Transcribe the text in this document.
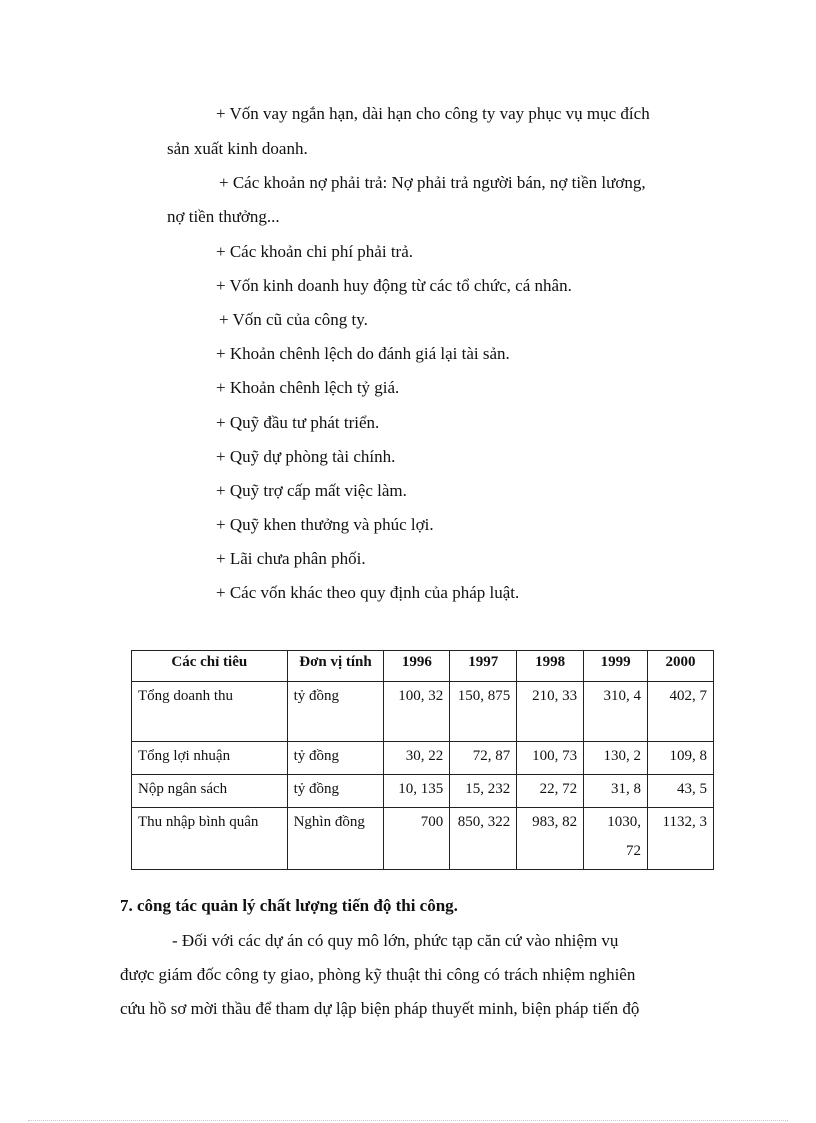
+ Vốn vay ngắn hạn, dài hạn cho công ty vay phục vụ mục đích
sản xuất kinh doanh.
+ Các khoản nợ phải trả: Nợ phải trả người bán, nợ tiền lương,
nợ tiền thưởng...
+ Các khoản chi phí phải trả.
+ Vốn kinh doanh huy động từ các tổ chức, cá nhân.
+ Vốn cũ của công ty.
+ Khoản chênh lệch do đánh giá lại tài sản.
+ Khoản chênh lệch tỷ giá.
+ Quỹ đầu tư phát triển.
+ Quỹ dự phòng tài chính.
+ Quỹ trợ cấp mất việc làm.
+ Quỹ khen thưởng và phúc lợi.
+ Lãi chưa phân phối.
+ Các vốn khác theo quy định của pháp luật.
Các chỉ tiêu	Đơn vị tính	1996	1997	1998	1999	2000
Tổng doanh thu	tỷ đồng	100, 32	150, 875	210, 33	310, 4	402, 7
Tổng lợi nhuận	tỷ đồng	30, 22	72, 87	100, 73	130, 2	109, 8
Nộp ngân sách	tỷ đồng	10, 135	15, 232	22, 72	31, 8	43, 5
Thu nhập bình quân	Nghìn đồng	700	850, 322	983, 82	1030, 72	1132, 3
7. công tác quản lý chất lượng tiến độ thi công.
- Đối với các dự án có quy mô lớn, phức tạp căn cứ vào nhiệm vụ
được giám đốc công ty giao, phòng kỹ thuật thi công có trách nhiệm nghiên
cứu hồ sơ mời thầu để tham dự lập biện pháp thuyết minh, biện pháp tiến độ
